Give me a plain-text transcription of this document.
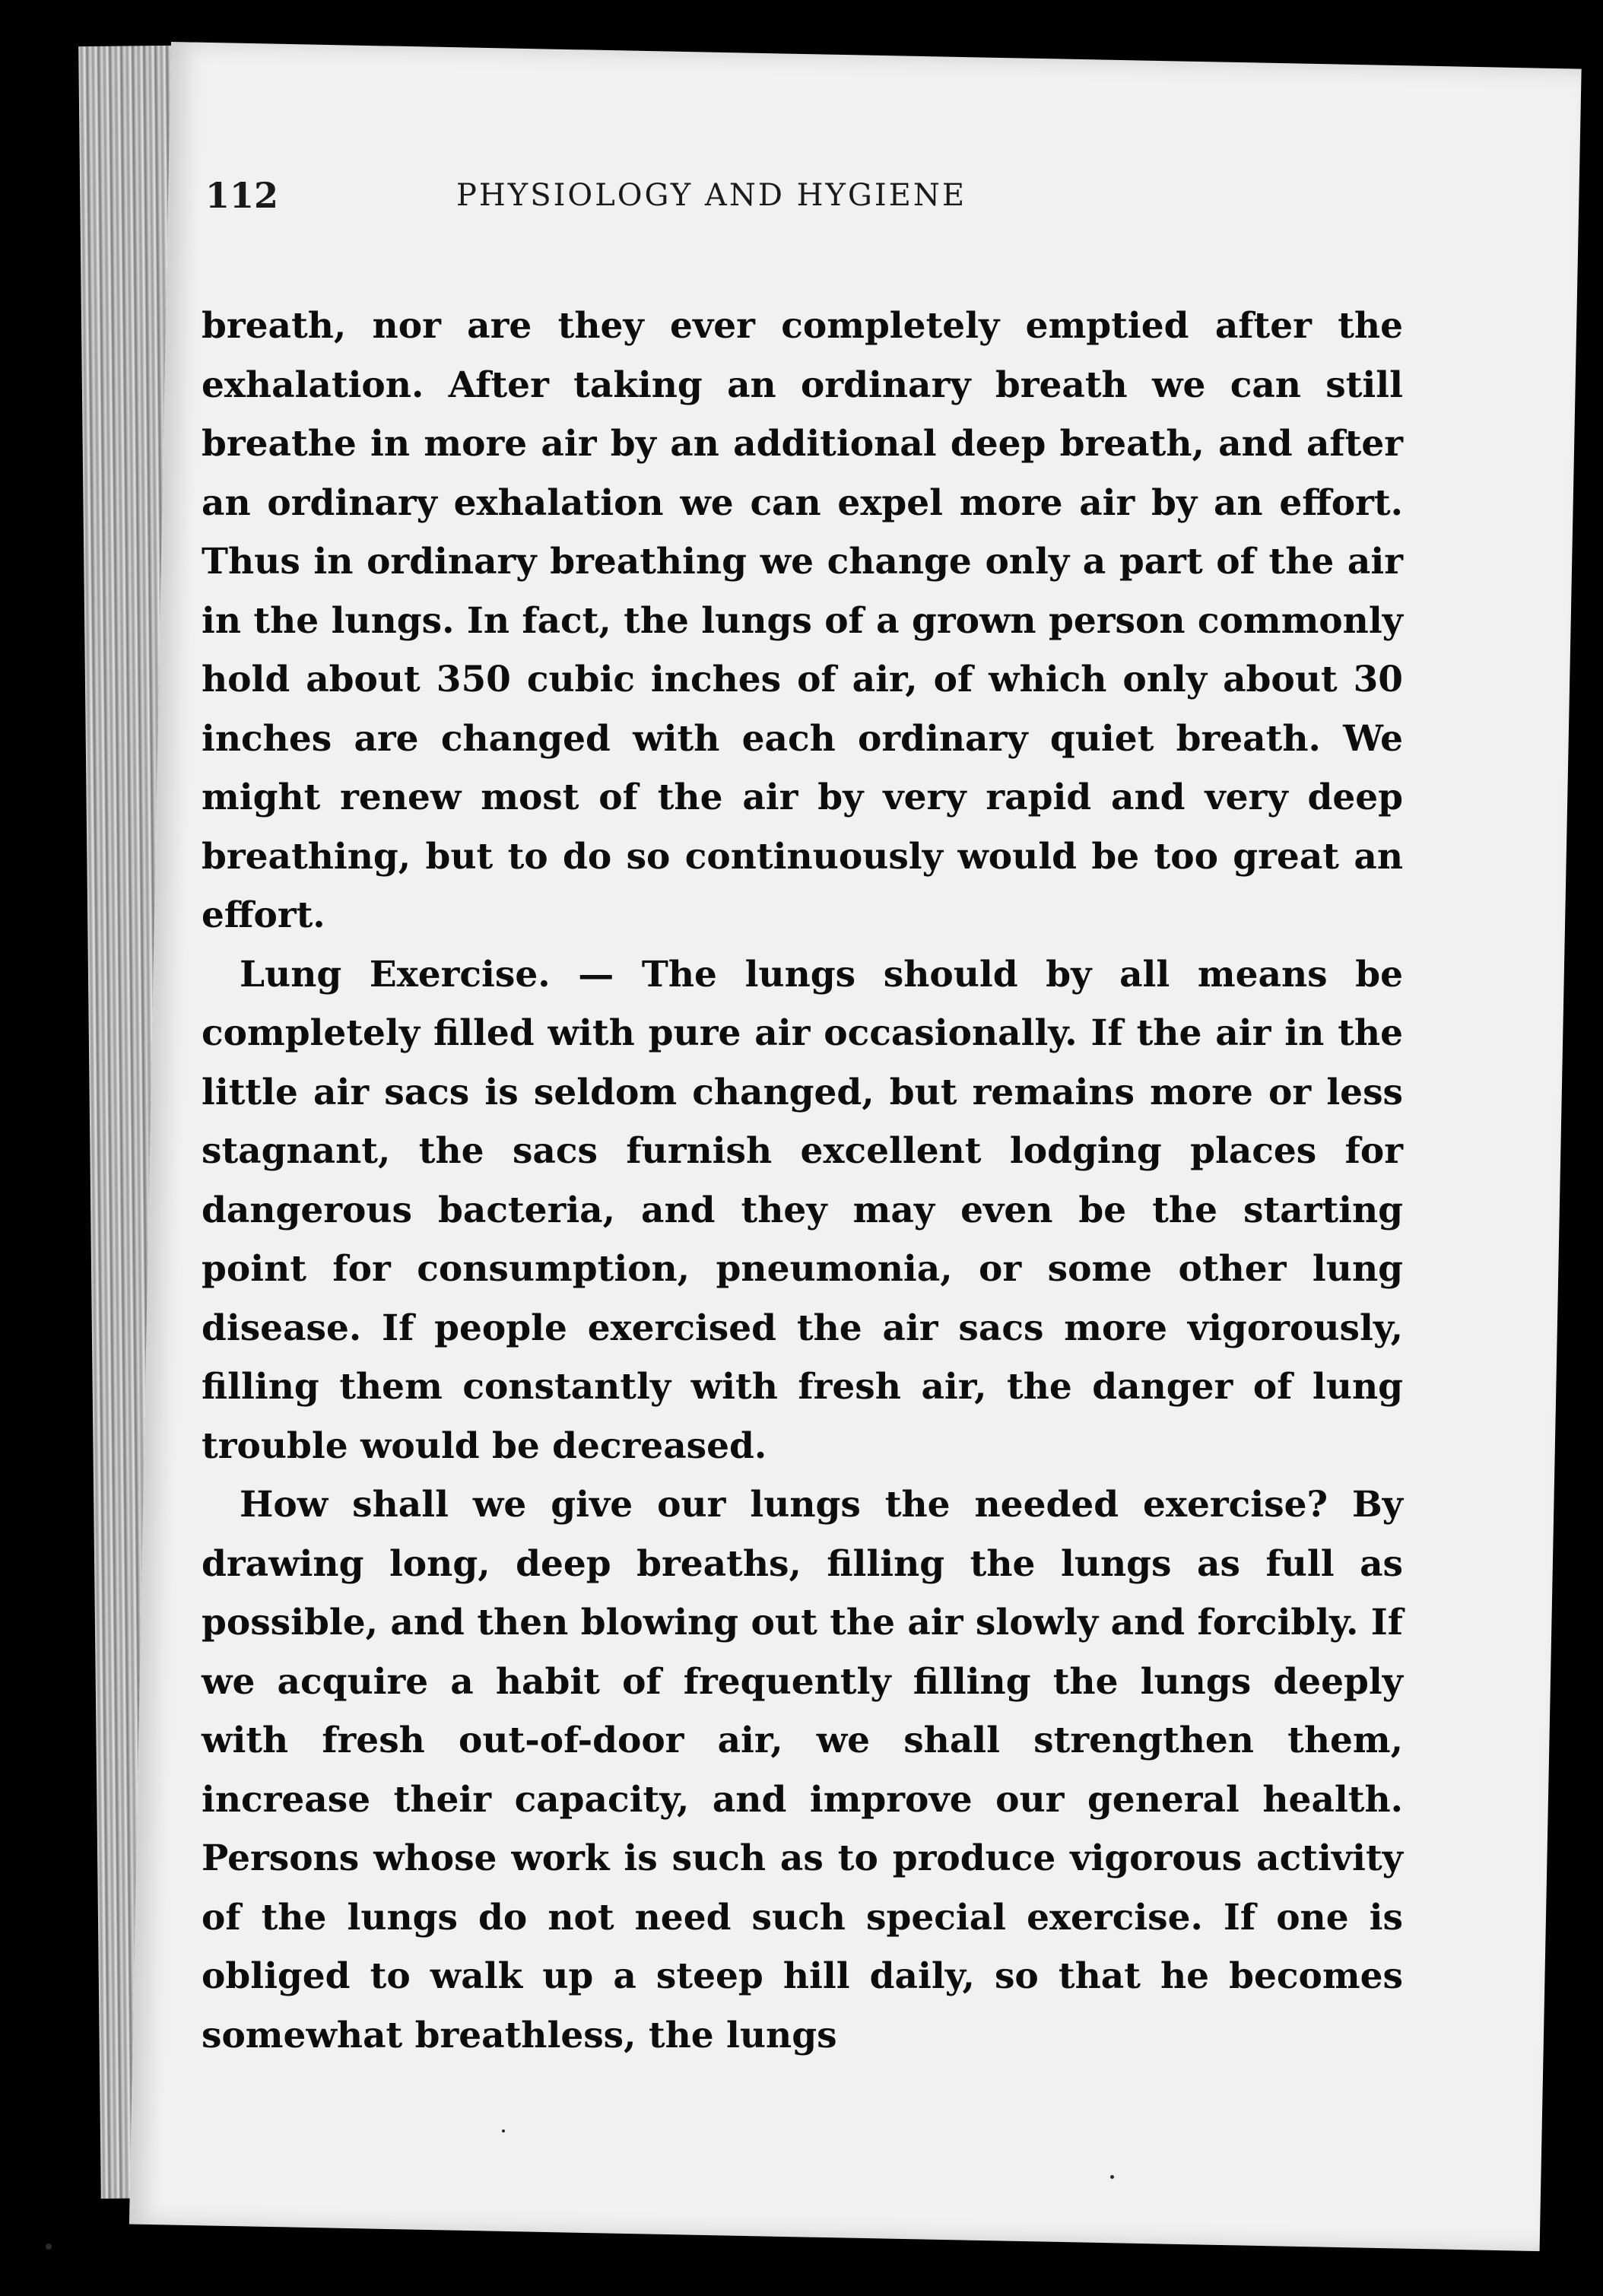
112	PHYSIOLOGY AND HYGIENE

breath, nor are they ever completely emptied after the exhalation. After taking an ordinary breath we can still breathe in more air by an additional deep breath, and after an ordinary exhalation we can expel more air by an effort. Thus in ordinary breathing we change only a part of the air in the lungs. In fact, the lungs of a grown person commonly hold about 350 cubic inches of air, of which only about 30 inches are changed with each ordinary quiet breath. We might renew most of the air by very rapid and very deep breathing, but to do so continuously would be too great an effort.

Lung Exercise. — The lungs should by all means be completely filled with pure air occasionally. If the air in the little air sacs is seldom changed, but remains more or less stagnant, the sacs furnish excellent lodging places for dangerous bacteria, and they may even be the starting point for consumption, pneumonia, or some other lung disease. If people exercised the air sacs more vigorously, filling them constantly with fresh air, the danger of lung trouble would be decreased.

How shall we give our lungs the needed exercise? By drawing long, deep breaths, filling the lungs as full as possible, and then blowing out the air slowly and forcibly. If we acquire a habit of frequently filling the lungs deeply with fresh out-of-door air, we shall strengthen them, increase their capacity, and improve our general health. Persons whose work is such as to produce vigorous activity of the lungs do not need such special exercise. If one is obliged to walk up a steep hill daily, so that he becomes somewhat breathless, the lungs
